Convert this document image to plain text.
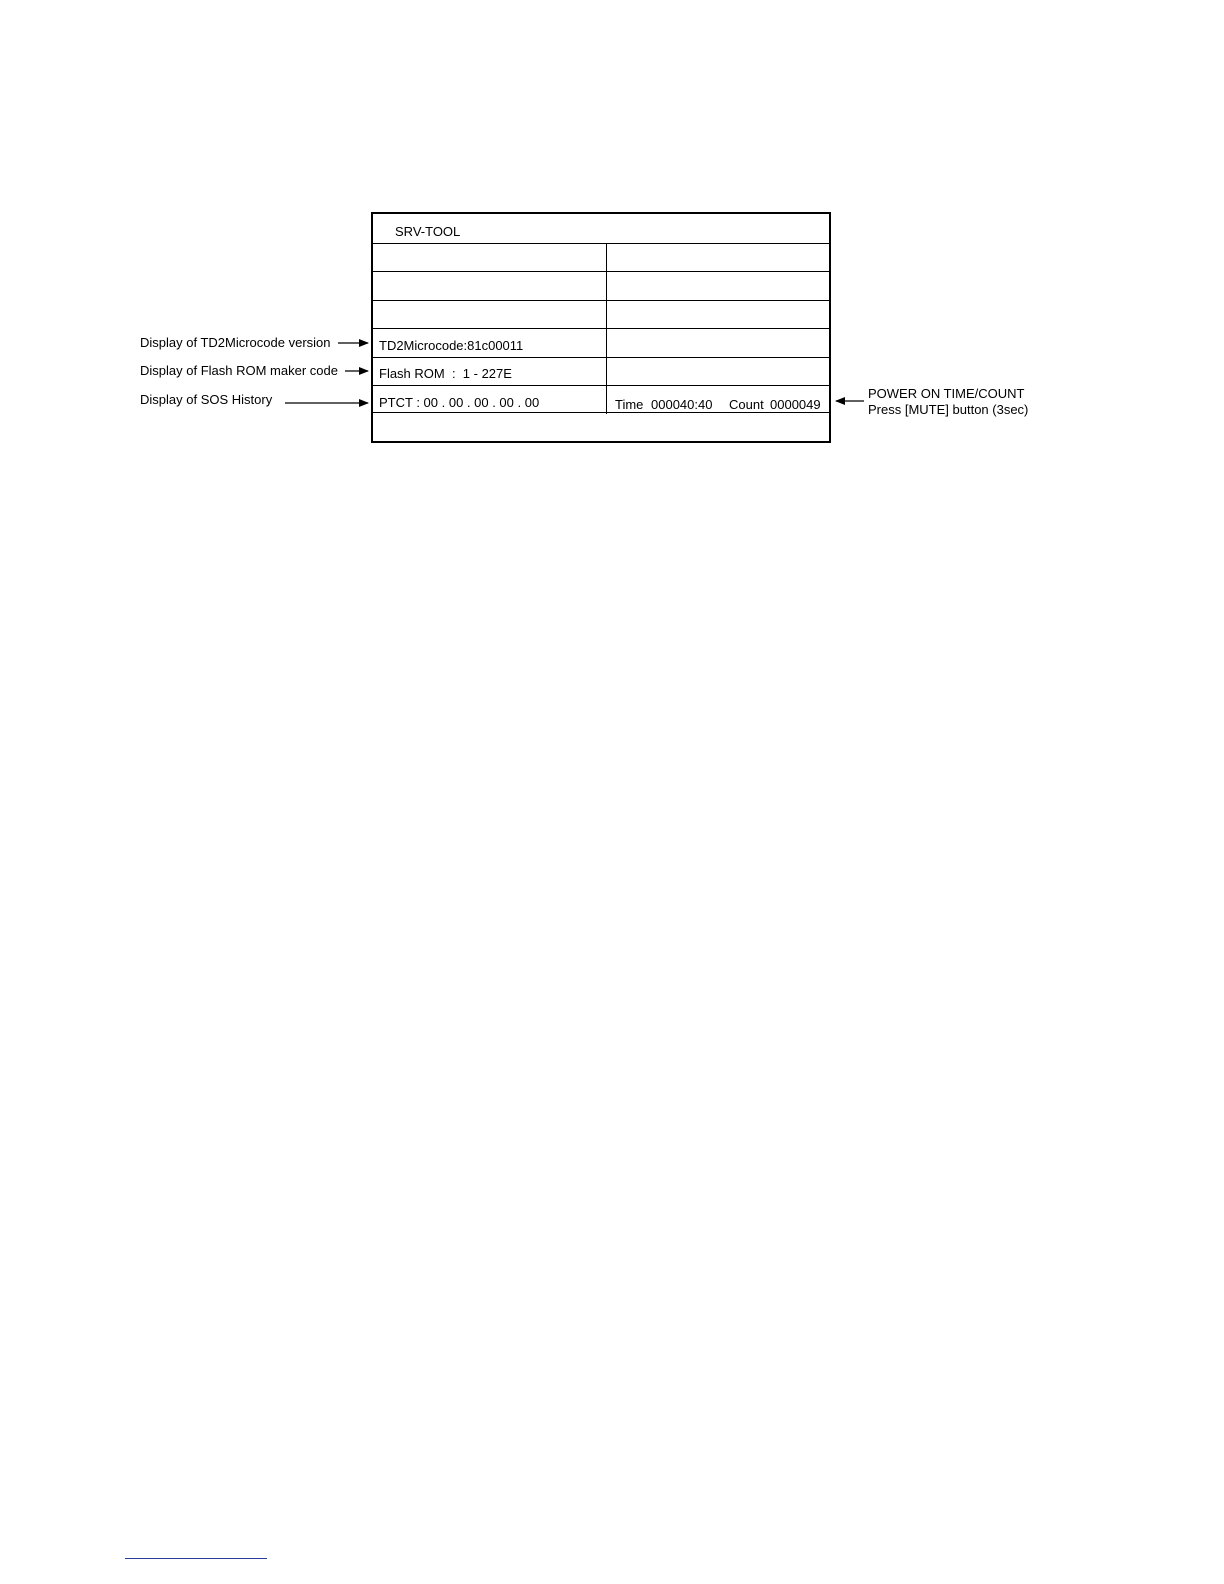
SRV-TOOL
TD2Microcode:81c00011
Flash ROM  :  1 - 227E
PTCT : 00 . 00 . 00 . 00 . 00	Time 000040:40 Count 0000049
Display of TD2Microcode version
Display of Flash ROM maker code
Display of SOS History	POWER ON TIME/COUNT
Press [MUTE] button (3sec)
